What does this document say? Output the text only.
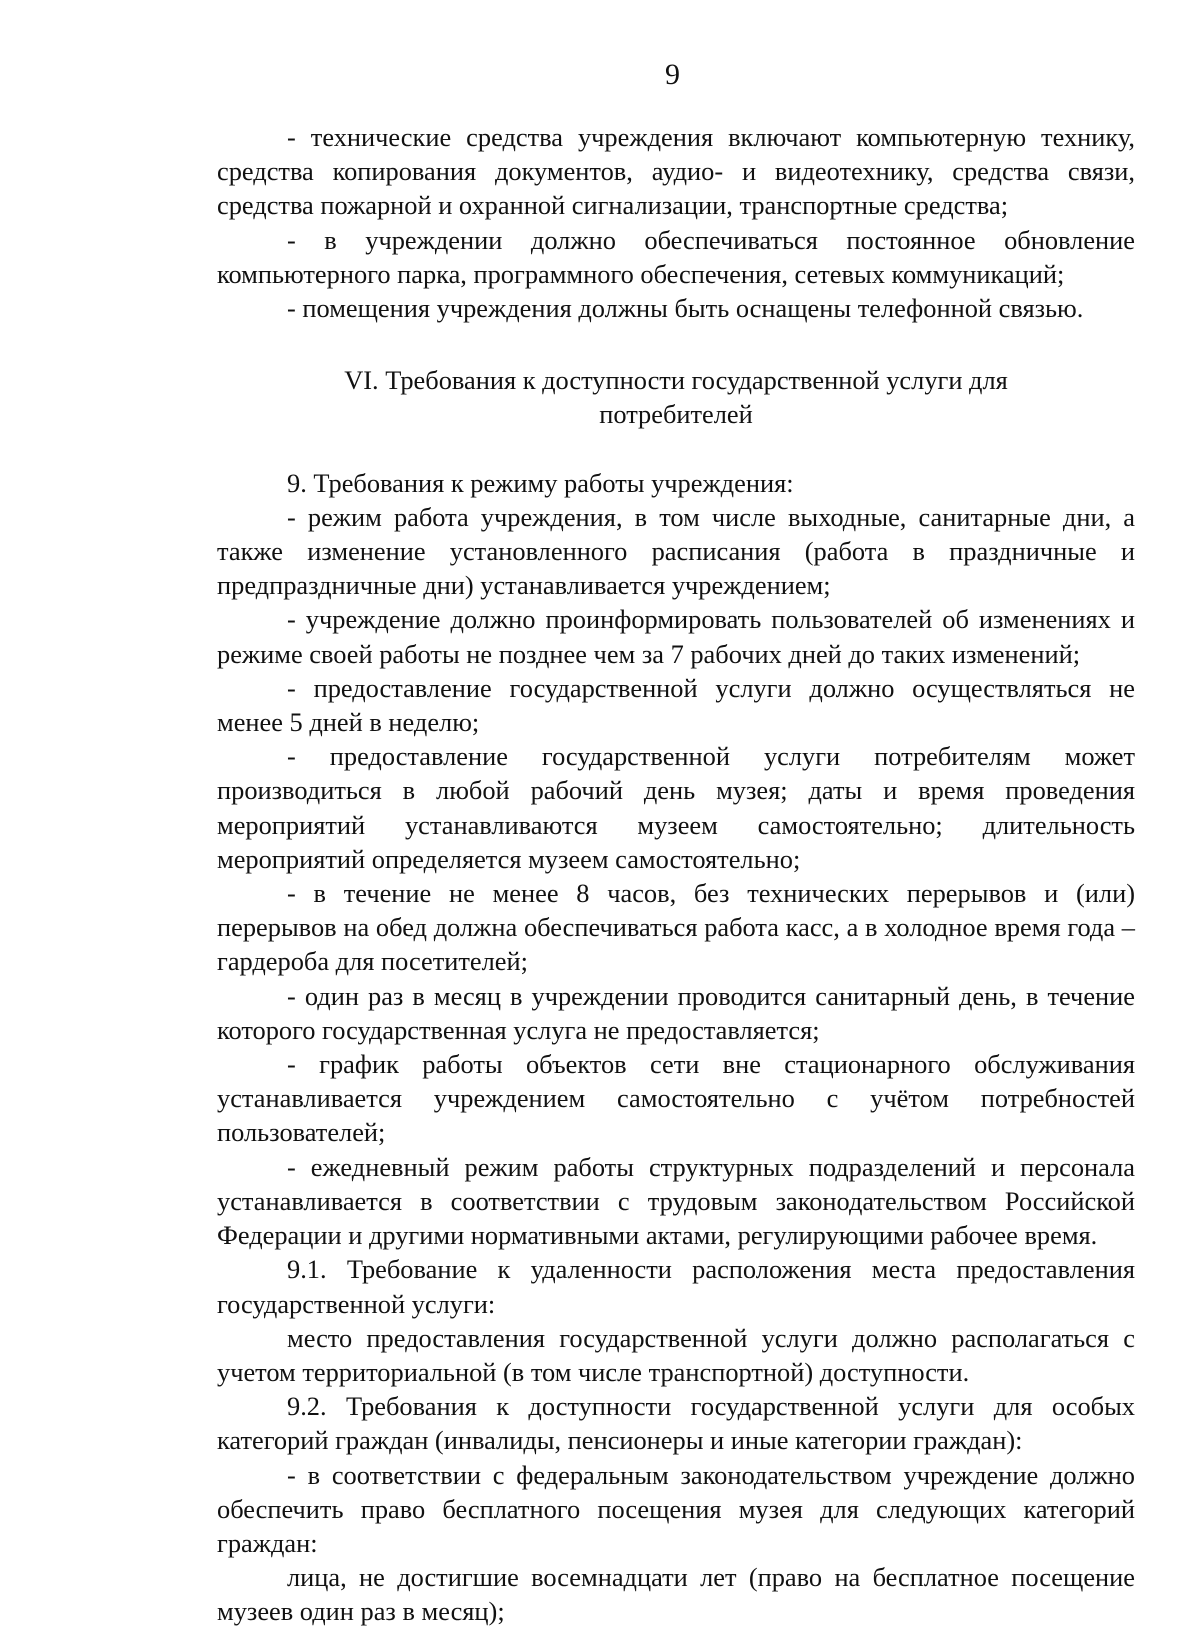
9

- технические средства учреждения включают компьютерную технику, средства копирования документов, аудио- и видеотехнику, средства связи, средства пожарной и охранной сигнализации, транспортные средства;

- в учреждении должно обеспечиваться постоянное обновление компьютерного парка, программного обеспечения, сетевых коммуникаций;

- помещения учреждения должны быть оснащены телефонной связью.

VI. Требования к доступности государственной услуги для потребителей

9. Требования к режиму работы учреждения:

- режим работа учреждения, в том числе выходные, санитарные дни, а также изменение установленного расписания (работа в праздничные и предпраздничные дни) устанавливается учреждением;

- учреждение должно проинформировать пользователей об изменениях и режиме своей работы не позднее чем за 7 рабочих дней до таких изменений;

- предоставление государственной услуги должно осуществляться не менее 5 дней в неделю;

- предоставление государственной услуги потребителям может производиться в любой рабочий день музея; даты и время проведения мероприятий устанавливаются музеем самостоятельно; длительность мероприятий определяется музеем самостоятельно;

- в течение не менее 8 часов, без технических перерывов и (или) перерывов на обед должна обеспечиваться работа касс, а в холодное время года – гардероба для посетителей;

- один раз в месяц в учреждении проводится санитарный день, в течение которого государственная услуга не предоставляется;

- график работы объектов сети вне стационарного обслуживания устанавливается учреждением самостоятельно с учётом потребностей пользователей;

- ежедневный режим работы структурных подразделений и персонала устанавливается в соответствии с трудовым законодательством Российской Федерации и другими нормативными актами, регулирующими рабочее время.

9.1. Требование к удаленности расположения места предоставления государственной услуги:

место предоставления государственной услуги должно располагаться с учетом территориальной (в том числе транспортной) доступности.

9.2. Требования к доступности государственной услуги для особых категорий граждан (инвалиды, пенсионеры и иные категории граждан):

- в соответствии с федеральным законодательством учреждение должно обеспечить право бесплатного посещения музея для следующих категорий граждан:

лица, не достигшие восемнадцати лет (право на бесплатное посещение музеев один раз в месяц);
